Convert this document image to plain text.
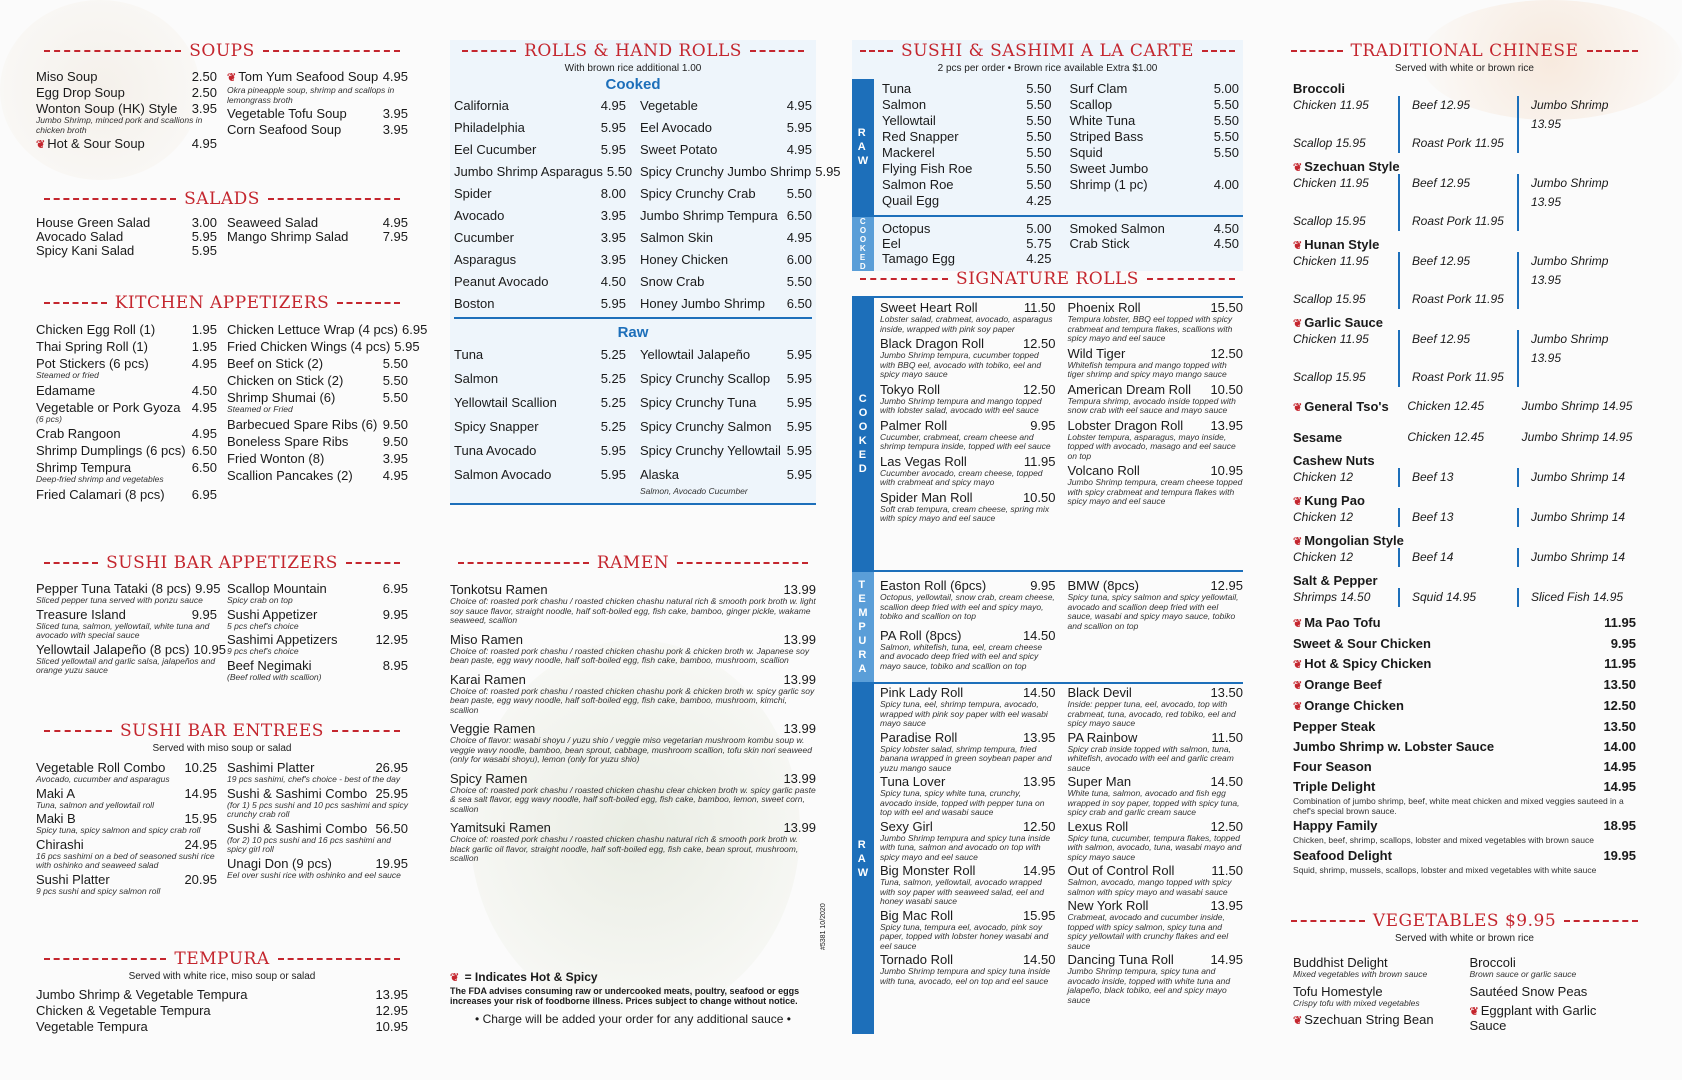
SOUPS
Miso Soup	2.50
Egg Drop Soup	2.50
Wonton Soup (HK) Style	3.95
Jumbo Shrimp, minced pork and scallions in chicken broth
❦ Hot & Sour Soup	4.95
❦ Tom Yum Seafood Soup 4.95
Okra pineapple soup, shrimp and scallops in lemongrass broth
Vegetable Tofu Soup	3.95
Corn Seafood Soup	3.95
SALADS
House Green Salad	3.00
Avocado Salad	5.95
Spicy Kani Salad	5.95
Seaweed Salad	4.95
Mango Shrimp Salad	7.95
KITCHEN APPETIZERS
Chicken Egg Roll (1)	1.95
Thai Spring Roll (1)	1.95
Pot Stickers (6 pcs)	4.95
Steamed or fried
Edamame	4.50
Vegetable or Pork Gyoza 4.95
(6 pcs)
Crab Rangoon	4.95
Shrimp Dumplings (6 pcs) 6.50
Shrimp Tempura	6.50
Deep-fried shrimp and vegetables
Fried Calamari (8 pcs)	6.95
Chicken Lettuce Wrap (4 pcs) 6.95
Fried Chicken Wings (4 pcs) 5.95
Beef on Stick (2)	5.50
Chicken on Stick (2)	5.50
Shrimp Shumai (6)	5.50
Steamed or Fried
Barbecued Spare Ribs (6) 9.50
Boneless Spare Ribs	9.50
Fried Wonton (8)	3.95
Scallion Pancakes (2)	4.95
SUSHI BAR APPETIZERS
Pepper Tuna Tataki (8 pcs) 9.95
Sliced pepper tuna served with ponzu sauce
Treasure Island	9.95
Sliced tuna, salmon, yellowtail, white tuna and avocado with special sauce
Yellowtail Jalapeño (8 pcs) 10.95
Sliced yellowtail and garlic salsa, jalapeños and orange yuzu sauce
Scallop Mountain	6.95
Spicy crab on top
Sushi Appetizer	9.95
5 pcs chef's choice
Sashimi Appetizers	12.95
9 pcs chef's choice
Beef Negimaki	8.95
(Beef rolled with scallion)
SUSHI BAR ENTREES
Served with miso soup or salad
Vegetable Roll Combo	10.25
Avocado, cucumber and asparagus
Maki A	14.95
Tuna, salmon and yellowtail roll
Maki B	15.95
Spicy tuna, spicy salmon and spicy crab roll
Chirashi	24.95
16 pcs sashimi on a bed of seasoned sushi rice with oshinko and seaweed salad
Sushi Platter	20.95
9 pcs sushi and spicy salmon roll
Sashimi Platter	26.95
19 pcs sashimi, chef's choice - best of the day
Sushi & Sashimi Combo 25.95
(for 1) 5 pcs sushi and 10 pcs sashimi and spicy crunchy crab roll
Sushi & Sashimi Combo 56.50
(for 2) 10 pcs sushi and 16 pcs sashimi and spicy girl roll
Unagi Don (9 pcs)	19.95
Eel over sushi rice with oshinko and eel sauce
TEMPURA
Served with white rice, miso soup or salad
Jumbo Shrimp & Vegetable Tempura	13.95
Chicken & Vegetable Tempura	12.95
Vegetable Tempura	10.95
ROLLS & HAND ROLLS
With brown rice additional 1.00
Cooked
California	4.95
Philadelphia	5.95
Eel Cucumber	5.95
Jumbo Shrimp Asparagus 5.50
Spider	8.00
Avocado	3.95
Cucumber	3.95
Asparagus	3.95
Peanut Avocado	4.50
Boston	5.95
Vegetable	4.95
Eel Avocado	5.95
Sweet Potato	4.95
Spicy Crunchy Jumbo Shrimp 5.95
Spicy Crunchy Crab	5.50
Jumbo Shrimp Tempura 6.50
Salmon Skin	4.95
Honey Chicken	6.00
Snow Crab	5.50
Honey Jumbo Shrimp	6.50
Raw
Tuna	5.25
Salmon	5.25
Yellowtail Scallion	5.25
Spicy Snapper	5.25
Tuna Avocado	5.95
Salmon Avocado	5.95
Yellowtail Jalapeño	5.95
Spicy Crunchy Scallop	5.95
Spicy Crunchy Tuna	5.95
Spicy Crunchy Salmon	5.95
Spicy Crunchy Yellowtail 5.95
Alaska	5.95
Salmon, Avocado Cucumber
RAMEN
Tonkotsu Ramen	13.99
Choice of: roasted pork chashu / roasted chicken chashu natural rich & smooth pork broth w. light soy sauce flavor, straight noodle, half soft-boiled egg, fish cake, bamboo, ginger pickle, wakame seaweed, scallion
Miso Ramen	13.99
Choice of: roasted pork chashu / roasted chicken chashu pork & chicken broth w. Japanese soy bean paste, egg wavy noodle, half soft-boiled egg, fish cake, bamboo, mushroom, scallion
Karai Ramen	13.99
Choice of: roasted pork chashu / roasted chicken chashu pork & chicken broth w. spicy garlic soy bean paste, egg wavy noodle, half soft-boiled egg, fish cake, bamboo, mushroom, kimchi, scallion
Veggie Ramen	13.99
Choice of flavor: wasabi shoyu / yuzu shio / veggie miso vegetarian mushroom kombu soup w. veggie wavy noodle, bamboo, bean sprout, cabbage, mushroom scallion, tofu skin nori seaweed (only for wasabi shoyu), lemon (only for yuzu shio)
Spicy Ramen	13.99
Choice of: roasted pork chashu / roasted chicken chashu clear chicken broth w. spicy garlic paste & sea salt flavor, egg wavy noodle, half soft-boiled egg, fish cake, bamboo, lemon, sweet corn, scallion
Yamitsuki Ramen	13.99
Choice of: roasted pork chashu / roasted chicken chashu natural rich & smooth pork broth w. black garlic oil flavor, straight noodle, half soft-boiled egg, fish cake, bean sprout, mushroom, scallion
❦ = Indicates Hot & Spicy
The FDA advises consuming raw or undercooked meats, poultry, seafood or eggs increases your risk of foodborne illness. Prices subject to change without notice.
• Charge will be added your order for any additional sauce •
#5381 10/2020
SUSHI & SASHIMI A LA CARTE
2 pcs per order • Brown rice available Extra $1.00
R
A
W
Tuna	5.50
Salmon	5.50
Yellowtail	5.50
Red Snapper	5.50
Mackerel	5.50
Flying Fish Roe	5.50
Salmon Roe	5.50
Quail Egg	4.25
Surf Clam	5.00
Scallop	5.50
White Tuna	5.50
Striped Bass	5.50
Squid	5.50
Sweet Jumbo
Shrimp (1 pc)	4.00
C
O
O
K
E
D
Octopus	5.00
Eel	5.75
Tamago Egg	4.25
Smoked Salmon	4.50
Crab Stick	4.50
SIGNATURE ROLLS
C
O
O
K
E
D
Sweet Heart Roll	11.50
Lobster salad, crabmeat, avocado, asparagus inside, wrapped with pink soy paper
Black Dragon Roll	12.50
Jumbo Shrimp tempura, cucumber topped with BBQ eel, avocado with tobiko, eel and spicy mayo sauce
Tokyo Roll	12.50
Jumbo Shrimp tempura and mango topped with lobster salad, avocado with eel sauce
Palmer Roll	9.95
Cucumber, crabmeat, cream cheese and shrimp tempura inside, topped with eel sauce
Las Vegas Roll	11.95
Cucumber avocado, cream cheese, topped with crabmeat and spicy mayo
Spider Man Roll	10.50
Soft crab tempura, cream cheese, spring mix with spicy mayo and eel sauce
Phoenix Roll	15.50
Tempura lobster, BBQ eel topped with spicy crabmeat and tempura flakes, scallions with spicy mayo and eel sauce
Wild Tiger	12.50
Whitefish tempura and mango topped with tiger shrimp and spicy mayo mango sauce
American Dream Roll	10.50
Tempura shrimp, avocado inside topped with snow crab with eel sauce and mayo sauce
Lobster Dragon Roll	13.95
Lobster tempura, asparagus, mayo inside, topped with avocado, masago and eel sauce on top
Volcano Roll	10.95
Jumbo Shrimp tempura, cream cheese topped with spicy crabmeat and tempura flakes with spicy mayo and eel sauce
T
E
M
P
U
R
A
Easton Roll (6pcs)	9.95
Octopus, yellowtail, snow crab, cream cheese, scallion deep fried with eel and spicy mayo, tobiko and scallion on top
PA Roll (8pcs)	14.50
Salmon, whitefish, tuna, eel, cream cheese and avocado deep fried with eel and spicy mayo sauce, tobiko and scallion on top
BMW (8pcs)	12.95
Spicy tuna, spicy salmon and spicy yellowtail, avocado and scallion deep fried with eel sauce, wasabi and spicy mayo sauce, tobiko and scallion on top
R
A
W
Pink Lady Roll	14.50
Spicy tuna, eel, shrimp tempura, avocado, wrapped with pink soy paper with eel wasabi mayo sauce
Paradise Roll	13.95
Spicy lobster salad, shrimp tempura, fried banana wrapped in green soybean paper and yuzu mango sauce
Tuna Lover	13.95
Spicy tuna, spicy white tuna, crunchy, avocado inside, topped with pepper tuna on top with eel and wasabi sauce
Sexy Girl	12.50
Jumbo Shrimp tempura and spicy tuna inside with tuna, salmon and avocado on top with spicy mayo and eel sauce
Big Monster Roll	14.95
Tuna, salmon, yellowtail, avocado wrapped with soy paper with seaweed salad, eel and honey wasabi sauce
Big Mac Roll	15.95
Spicy tuna, tempura eel, avocado, pink soy paper, topped with lobster honey wasabi and eel sauce
Tornado Roll	14.50
Jumbo Shrimp tempura and spicy tuna inside with tuna, avocado, eel on top and eel sauce
Black Devil	13.50
Inside: pepper tuna, eel, avocado, top with crabmeat, tuna, avocado, red tobiko, eel and spicy mayo sauce
PA Rainbow	11.50
Spicy crab inside topped with salmon, tuna, whitefish, avocado with eel and garlic cream sauce
Super Man	14.50
White tuna, salmon, avocado and fish egg wrapped in soy paper, topped with spicy tuna, spicy crab and garlic cream sauce
Lexus Roll	12.50
Spicy tuna, cucumber, tempura flakes, topped with salmon, avocado, tuna, wasabi mayo and spicy mayo sauce
Out of Control Roll	11.50
Salmon, avocado, mango topped with spicy salmon with spicy mayo and wasabi sauce
New York Roll	13.95
Crabmeat, avocado and cucumber inside, topped with spicy salmon, spicy tuna and spicy yellowtail with crunchy flakes and eel sauce
Dancing Tuna Roll	14.95
Jumbo Shrimp tempura, spicy tuna and avocado inside, topped with white tuna and jalapeño, black tobiko, eel and spicy mayo sauce
TRADITIONAL CHINESE
Served with white or brown rice
Broccoli
Chicken 11.95	Beef 12.95	Jumbo Shrimp 13.95
Scallop 15.95	Roast Pork 11.95
❦ Szechuan Style
Chicken 11.95	Beef 12.95	Jumbo Shrimp 13.95
Scallop 15.95	Roast Pork 11.95
❦ Hunan Style
Chicken 11.95	Beef 12.95	Jumbo Shrimp 13.95
Scallop 15.95	Roast Pork 11.95
❦ Garlic Sauce
Chicken 11.95	Beef 12.95	Jumbo Shrimp 13.95
Scallop 15.95	Roast Pork 11.95
❦ General Tso's	Chicken 12.45	Jumbo Shrimp 14.95
Sesame	Chicken 12.45	Jumbo Shrimp 14.95
Cashew Nuts
Chicken 12	Beef 13	Jumbo Shrimp 14
❦ Kung Pao
Chicken 12	Beef 13	Jumbo Shrimp 14
❦ Mongolian Style
Chicken 12	Beef 14	Jumbo Shrimp 14
Salt & Pepper
Shrimps 14.50	Squid 14.95	Sliced Fish 14.95
❦ Ma Pao Tofu	11.95
Sweet & Sour Chicken	9.95
❦ Hot & Spicy Chicken	11.95
❦ Orange Beef	13.50
❦ Orange Chicken	12.50
Pepper Steak	13.50
Jumbo Shrimp w. Lobster Sauce	14.00
Four Season	14.95
Triple Delight	14.95
Combination of jumbo shrimp, beef, white meat chicken and mixed veggies sauteed in a chef's special brown sauce.
Happy Family	18.95
Chicken, beef, shrimp, scallops, lobster and mixed vegetables with brown sauce
Seafood Delight	19.95
Squid, shrimp, mussels, scallops, lobster and mixed vegetables with white sauce
VEGETABLES $9.95
Served with white or brown rice
Buddhist Delight
Mixed vegetables with brown sauce
Tofu Homestyle
Crispy tofu with mixed vegetables
❦ Szechuan String Bean
Broccoli
Brown sauce or garlic sauce
Sautéed Snow Peas
❦ Eggplant with Garlic Sauce
